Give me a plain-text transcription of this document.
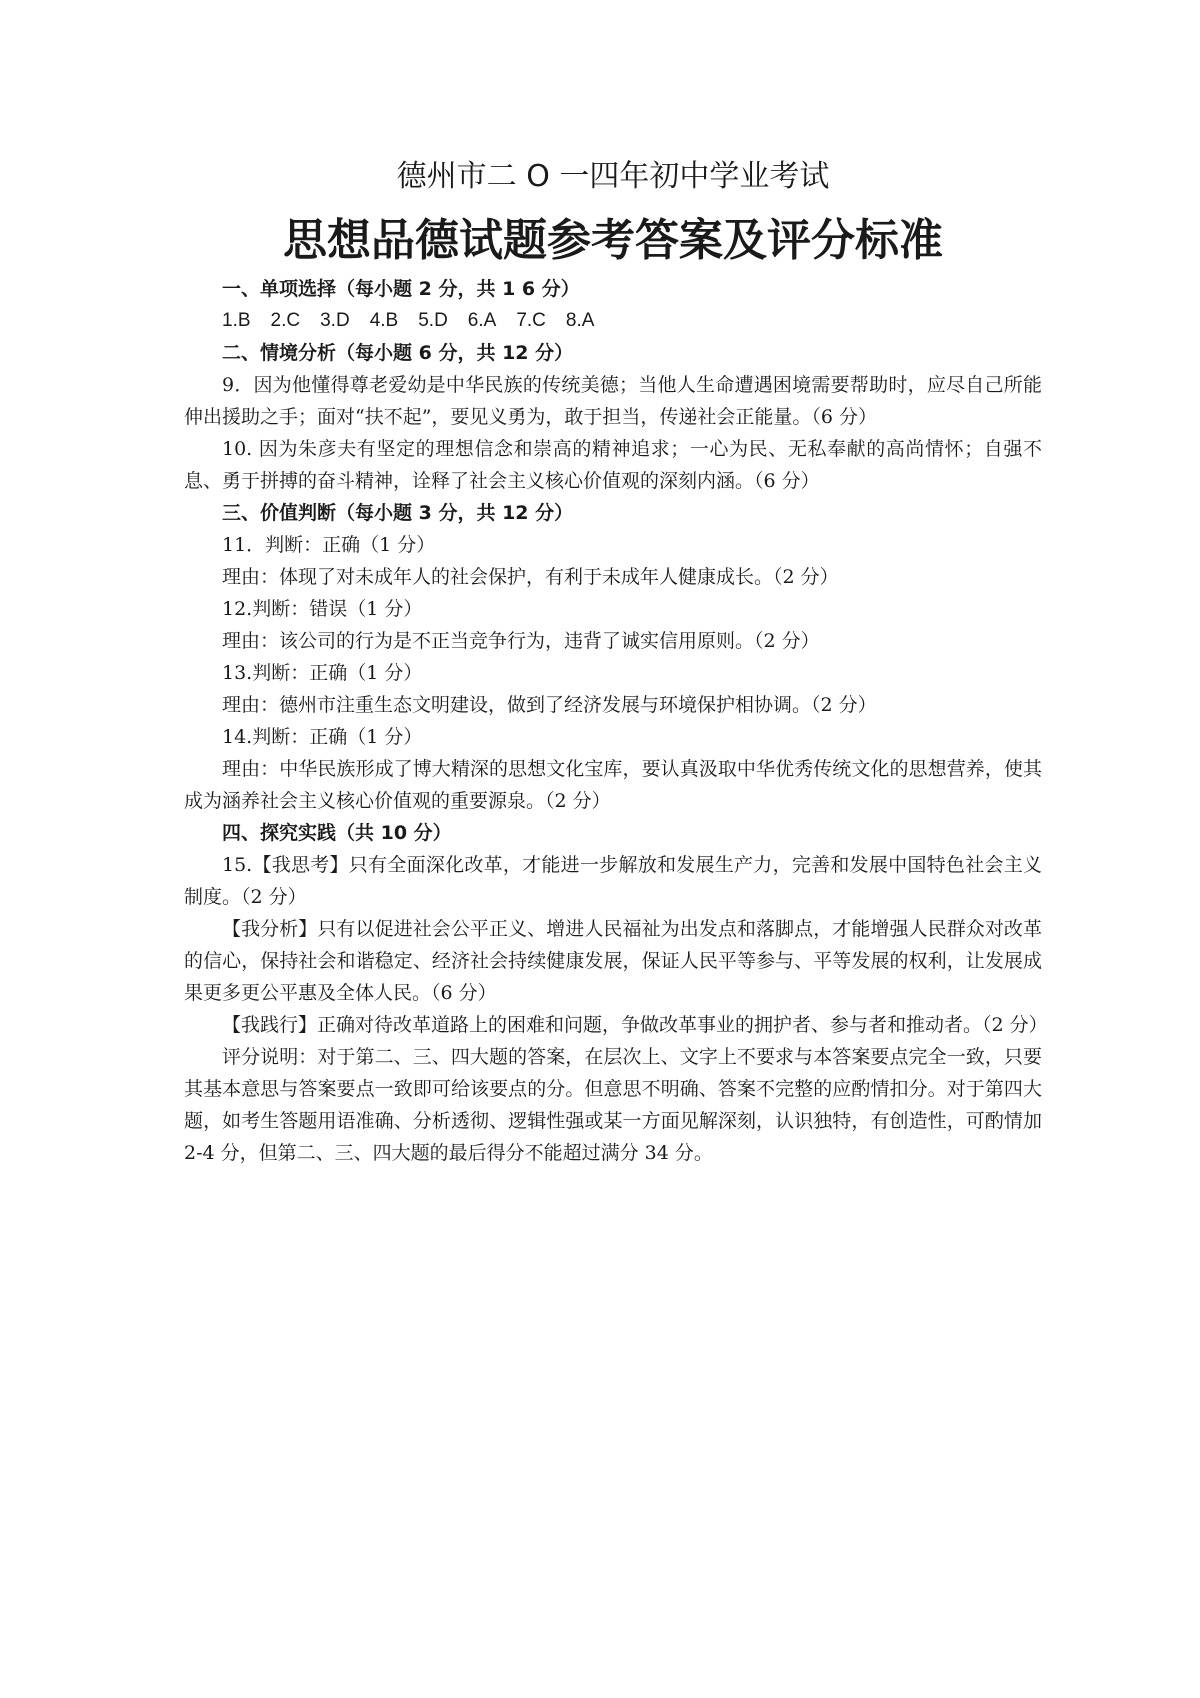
德州市二 O 一四年初中学业考试
思想品德试题参考答案及评分标准

一、单项选择（每小题 2 分，共 1 6 分）

1.B 2.C 3.D 4.B 5.D 6.A 7.C 8.A

二、情境分析（每小题 6 分，共 12 分）

9．因为他懂得尊老爱幼是中华民族的传统美德；当他人生命遭遇困境需要帮助时，应尽自己所能伸出援助之手；面对“扶不起”，要见义勇为，敢于担当，传递社会正能量。（6 分）

10. 因为朱彦夫有坚定的理想信念和崇高的精神追求；一心为民、无私奉献的高尚情怀；自强不息、勇于拼搏的奋斗精神，诠释了社会主义核心价值观的深刻内涵。（6 分）

三、价值判断（每小题 3 分，共 12 分）

11．判断：正确（1 分）

理由：体现了对未成年人的社会保护，有利于未成年人健康成长。（2 分）

12.判断：错误（1 分）

理由：该公司的行为是不正当竞争行为，违背了诚实信用原则。（2 分）

13.判断：正确（1 分）

理由：德州市注重生态文明建设，做到了经济发展与环境保护相协调。（2 分）

14.判断：正确（1 分）

理由：中华民族形成了博大精深的思想文化宝库，要认真汲取中华优秀传统文化的思想营养，使其成为涵养社会主义核心价值观的重要源泉。（2 分）

四、探究实践（共 10 分）

15.【我思考】只有全面深化改革，才能进一步解放和发展生产力，完善和发展中国特色社会主义制度。（2 分）

【我分析】只有以促进社会公平正义、增进人民福祉为出发点和落脚点，才能增强人民群众对改革的信心，保持社会和谐稳定、经济社会持续健康发展，保证人民平等参与、平等发展的权利，让发展成果更多更公平惠及全体人民。（6 分）

【我践行】正确对待改革道路上的困难和问题，争做改革事业的拥护者、参与者和推动者。（2 分）

评分说明：对于第二、三、四大题的答案，在层次上、文字上不要求与本答案要点完全一致，只要其基本意思与答案要点一致即可给该要点的分。但意思不明确、答案不完整的应酌情扣分。对于第四大题，如考生答题用语准确、分析透彻、逻辑性强或某一方面见解深刻，认识独特，有创造性，可酌情加 2-4 分，但第二、三、四大题的最后得分不能超过满分 34 分。
